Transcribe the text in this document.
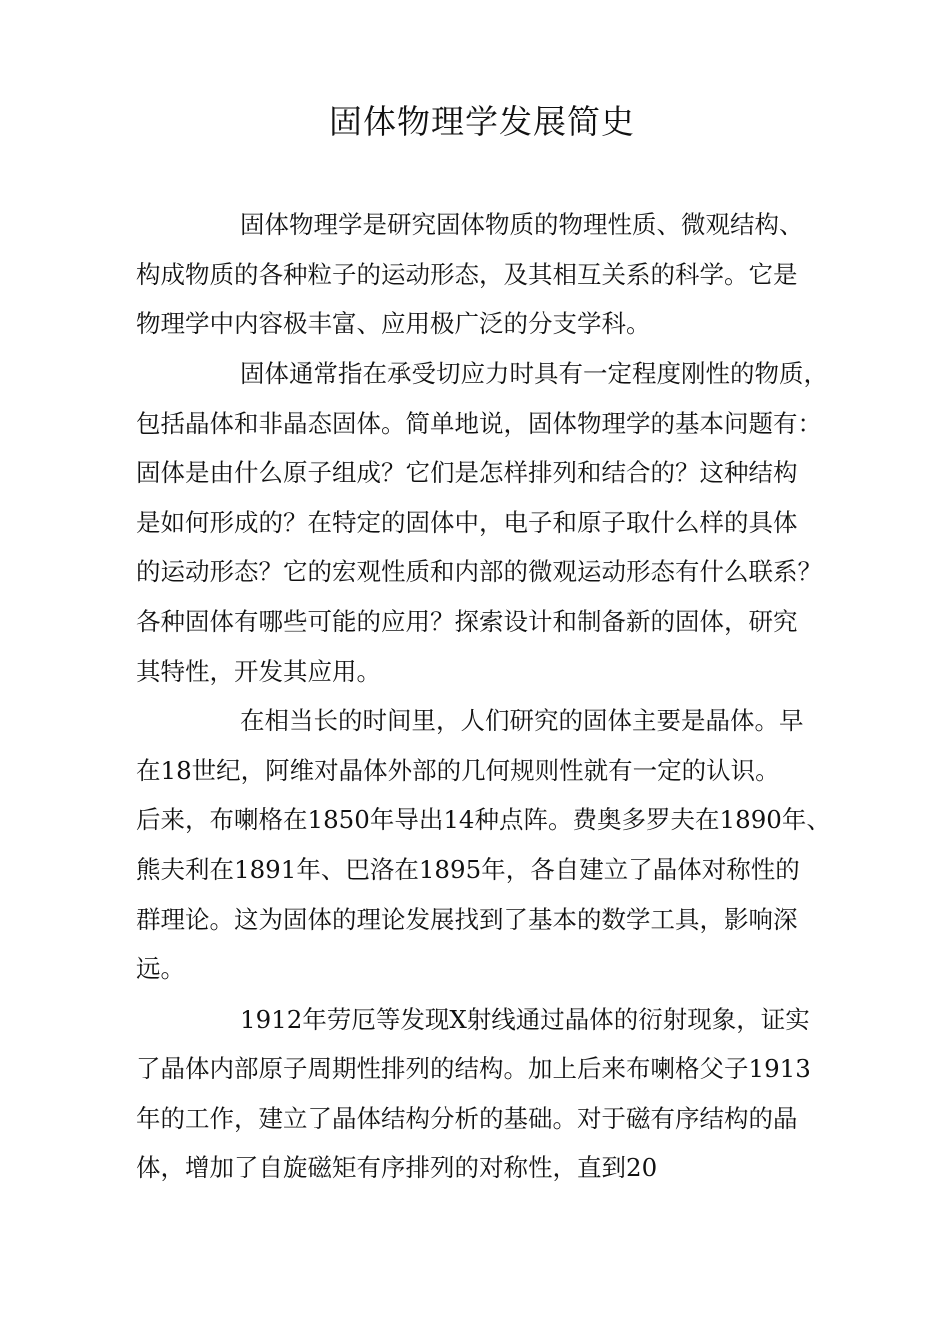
固体物理学发展简史
固体物理学是研究固体物质的物理性质、微观结构、
构成物质的各种粒子的运动形态，及其相互关系的科学。它是
物理学中内容极丰富、应用极广泛的分支学科。
固体通常指在承受切应力时具有一定程度刚性的物质，
包括晶体和非晶态固体。简单地说，固体物理学的基本问题有：
固体是由什么原子组成？它们是怎样排列和结合的？这种结构
是如何形成的？在特定的固体中，电子和原子取什么样的具体
的运动形态？它的宏观性质和内部的微观运动形态有什么联系？
各种固体有哪些可能的应用？探索设计和制备新的固体，研究
其特性，开发其应用。
在相当长的时间里，人们研究的固体主要是晶体。早
在18世纪，阿维对晶体外部的几何规则性就有一定的认识。
后来，布喇格在1850年导出14种点阵。费奥多罗夫在1890年、
熊夫利在1891年、巴洛在1895年，各自建立了晶体对称性的
群理论。这为固体的理论发展找到了基本的数学工具，影响深
远。
1912年劳厄等发现X射线通过晶体的衍射现象，证实
了晶体内部原子周期性排列的结构。加上后来布喇格父子1913
年的工作，建立了晶体结构分析的基础。对于磁有序结构的晶
体，增加了自旋磁矩有序排列的对称性，直到20
